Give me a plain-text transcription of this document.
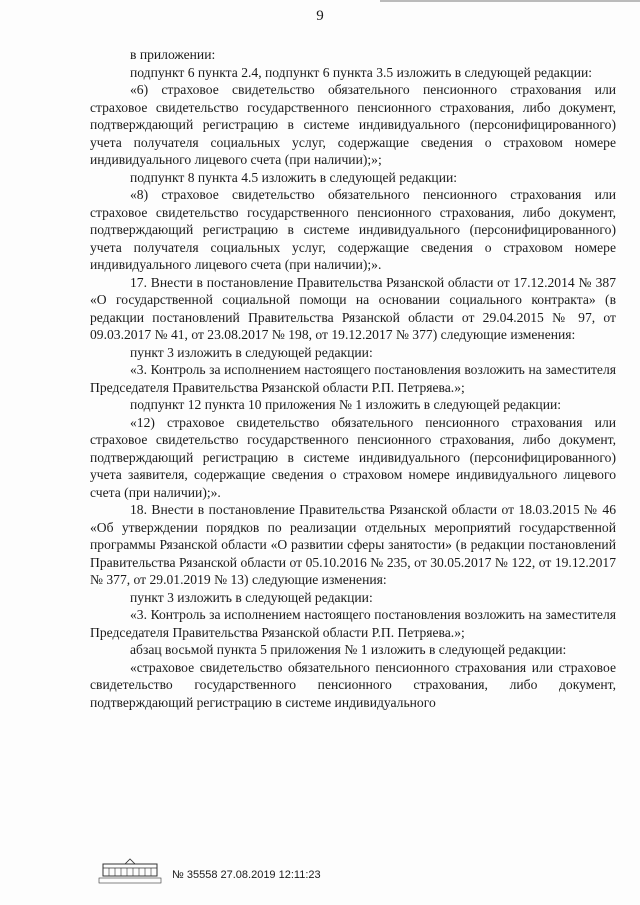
9

в приложении:

подпункт 6 пункта 2.4, подпункт 6 пункта 3.5 изложить в следующей редакции:

«6) страховое свидетельство обязательного пенсионного страхования или страховое свидетельство государственного пенсионного страхования, либо документ, подтверждающий регистрацию в системе индивидуального (персонифицированного) учета получателя социальных услуг, содержащие сведения о страховом номере индивидуального лицевого счета (при наличии);»;

подпункт 8 пункта 4.5 изложить в следующей редакции:

«8) страховое свидетельство обязательного пенсионного страхования или страховое свидетельство государственного пенсионного страхования, либо документ, подтверждающий регистрацию в системе индивидуального (персонифицированного) учета получателя социальных услуг, содержащие сведения о страховом номере индивидуального лицевого счета (при наличии);».

17. Внести в постановление Правительства Рязанской области от 17.12.2014 № 387 «О государственной социальной помощи на основании социального контракта» (в редакции постановлений Правительства Рязанской области от 29.04.2015 № 97, от 09.03.2017 № 41, от 23.08.2017 № 198, от 19.12.2017 № 377) следующие изменения:

пункт 3 изложить в следующей редакции:

«3. Контроль за исполнением настоящего постановления возложить на заместителя Председателя Правительства Рязанской области Р.П. Петряева.»;

подпункт 12 пункта 10 приложения № 1 изложить в следующей редакции:

«12) страховое свидетельство обязательного пенсионного страхования или страховое свидетельство государственного пенсионного страхования, либо документ, подтверждающий регистрацию в системе индивидуального (персонифицированного) учета заявителя, содержащие сведения о страховом номере индивидуального лицевого счета (при наличии);».

18. Внести в постановление Правительства Рязанской области от 18.03.2015 № 46 «Об утверждении порядков по реализации отдельных мероприятий государственной программы Рязанской области «О развитии сферы занятости» (в редакции постановлений Правительства Рязанской области от 05.10.2016 № 235, от 30.05.2017 № 122, от 19.12.2017 № 377, от 29.01.2019 № 13) следующие изменения:

пункт 3 изложить в следующей редакции:

«3. Контроль за исполнением настоящего постановления возложить на заместителя Председателя Правительства Рязанской области Р.П. Петряева.»;

абзац восьмой пункта 5 приложения № 1 изложить в следующей редакции:

«страховое свидетельство обязательного пенсионного страхования или страховое свидетельство государственного пенсионного страхования, либо документ, подтверждающий регистрацию в системе индивидуального

№ 35558 27.08.2019 12:11:23
